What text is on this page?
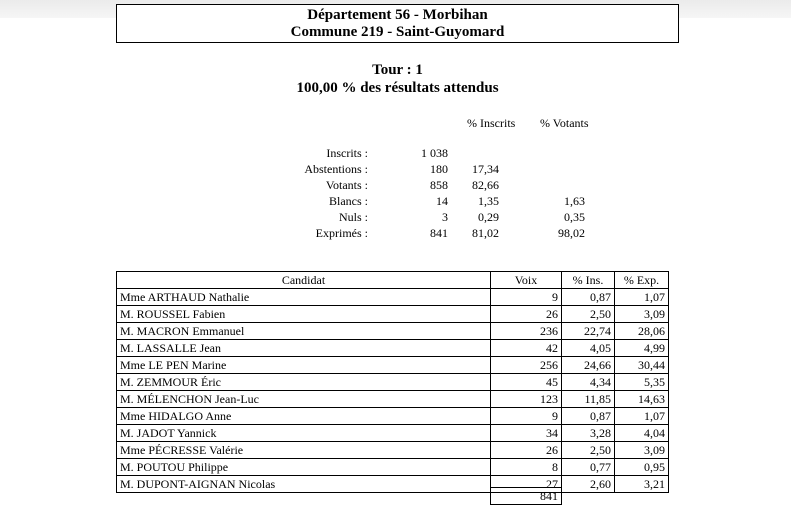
Département 56 - Morbihan
Commune 219 - Saint-Guyomard
Tour : 1
100,00 % des résultats attendus
% Inscrits % Votants
Inscrits :	1 038
Abstentions :	180	17,34
Votants :	858	82,66
Blancs :	14	1,35	1,63
Nuls :	3	0,29	0,35
Exprimés :	841	81,02	98,02
Candidat	Voix	% Ins.	% Exp.
Mme ARTHAUD Nathalie	9	0,87	1,07
M. ROUSSEL Fabien	26	2,50	3,09
M. MACRON Emmanuel	236	22,74	28,06
M. LASSALLE Jean	42	4,05	4,99
Mme LE PEN Marine	256	24,66	30,44
M. ZEMMOUR Éric	45	4,34	5,35
M. MÉLENCHON Jean-Luc	123	11,85	14,63
Mme HIDALGO Anne	9	0,87	1,07
M. JADOT Yannick	34	3,28	4,04
Mme PÉCRESSE Valérie	26	2,50	3,09
M. POUTOU Philippe	8	0,77	0,95
M. DUPONT-AIGNAN Nicolas	27	2,60	3,21
841
